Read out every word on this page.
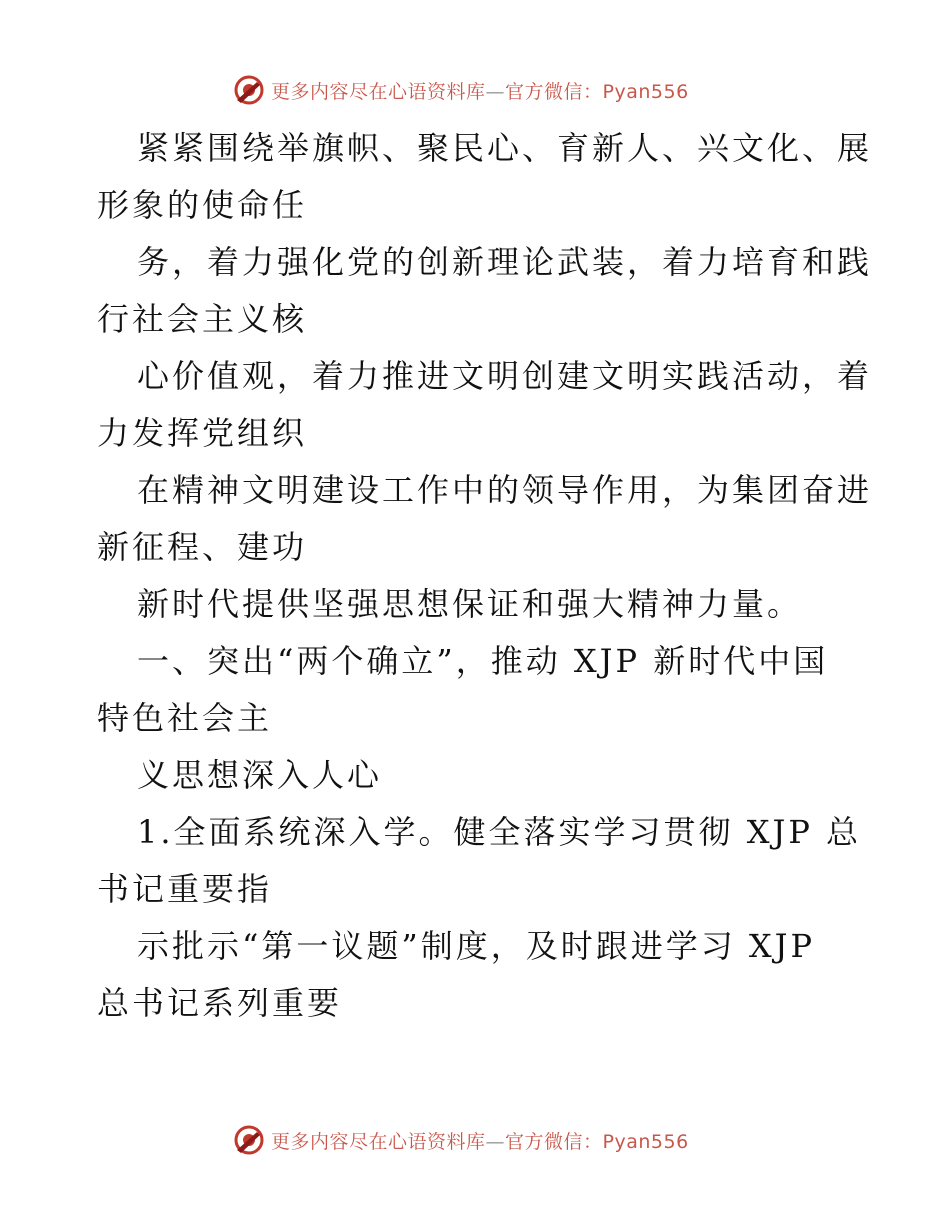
更多内容尽在心语资料库—官方微信：Pyan556
紧紧围绕举旗帜、聚民心、育新人、兴文化、展
形象的使命任
务，着力强化党的创新理论武装，着力培育和践
行社会主义核
心价值观，着力推进文明创建文明实践活动，着
力发挥党组织
在精神文明建设工作中的领导作用，为集团奋进
新征程、建功
新时代提供坚强思想保证和强大精神力量。
一、突出“两个确立”，推动 XJP 新时代中国
特色社会主
义思想深入人心
1.全面系统深入学。健全落实学习贯彻 XJP 总
书记重要指
示批示“第一议题”制度，及时跟进学习 XJP
总书记系列重要
更多内容尽在心语资料库—官方微信：Pyan556
